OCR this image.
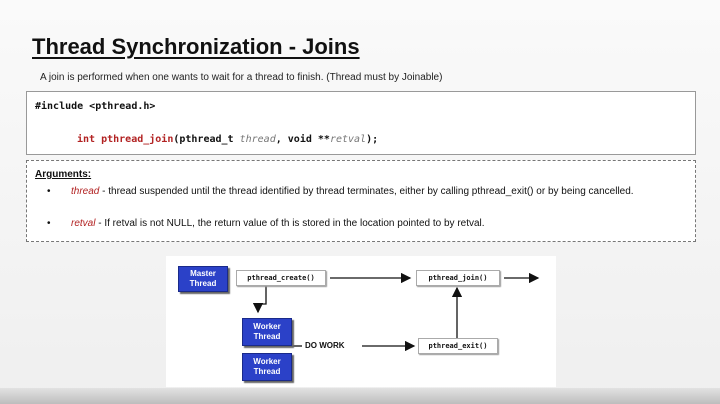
Thread Synchronization - Joins
A join is performed when one wants to wait for a thread to finish. (Thread must by Joinable)
#include <pthread.h>
int pthread_join(pthread_t thread, void **retval);
Arguments:
• thread - thread suspended until the thread identified by thread terminates, either by calling pthread_exit() or by being cancelled.
• retval - If retval is not NULL, the return value of th is stored in the location pointed to by retval.
Master Thread
pthread_create()	pthread_join()
Worker Thread
Worker Thread
DO WORK	pthread_exit()
